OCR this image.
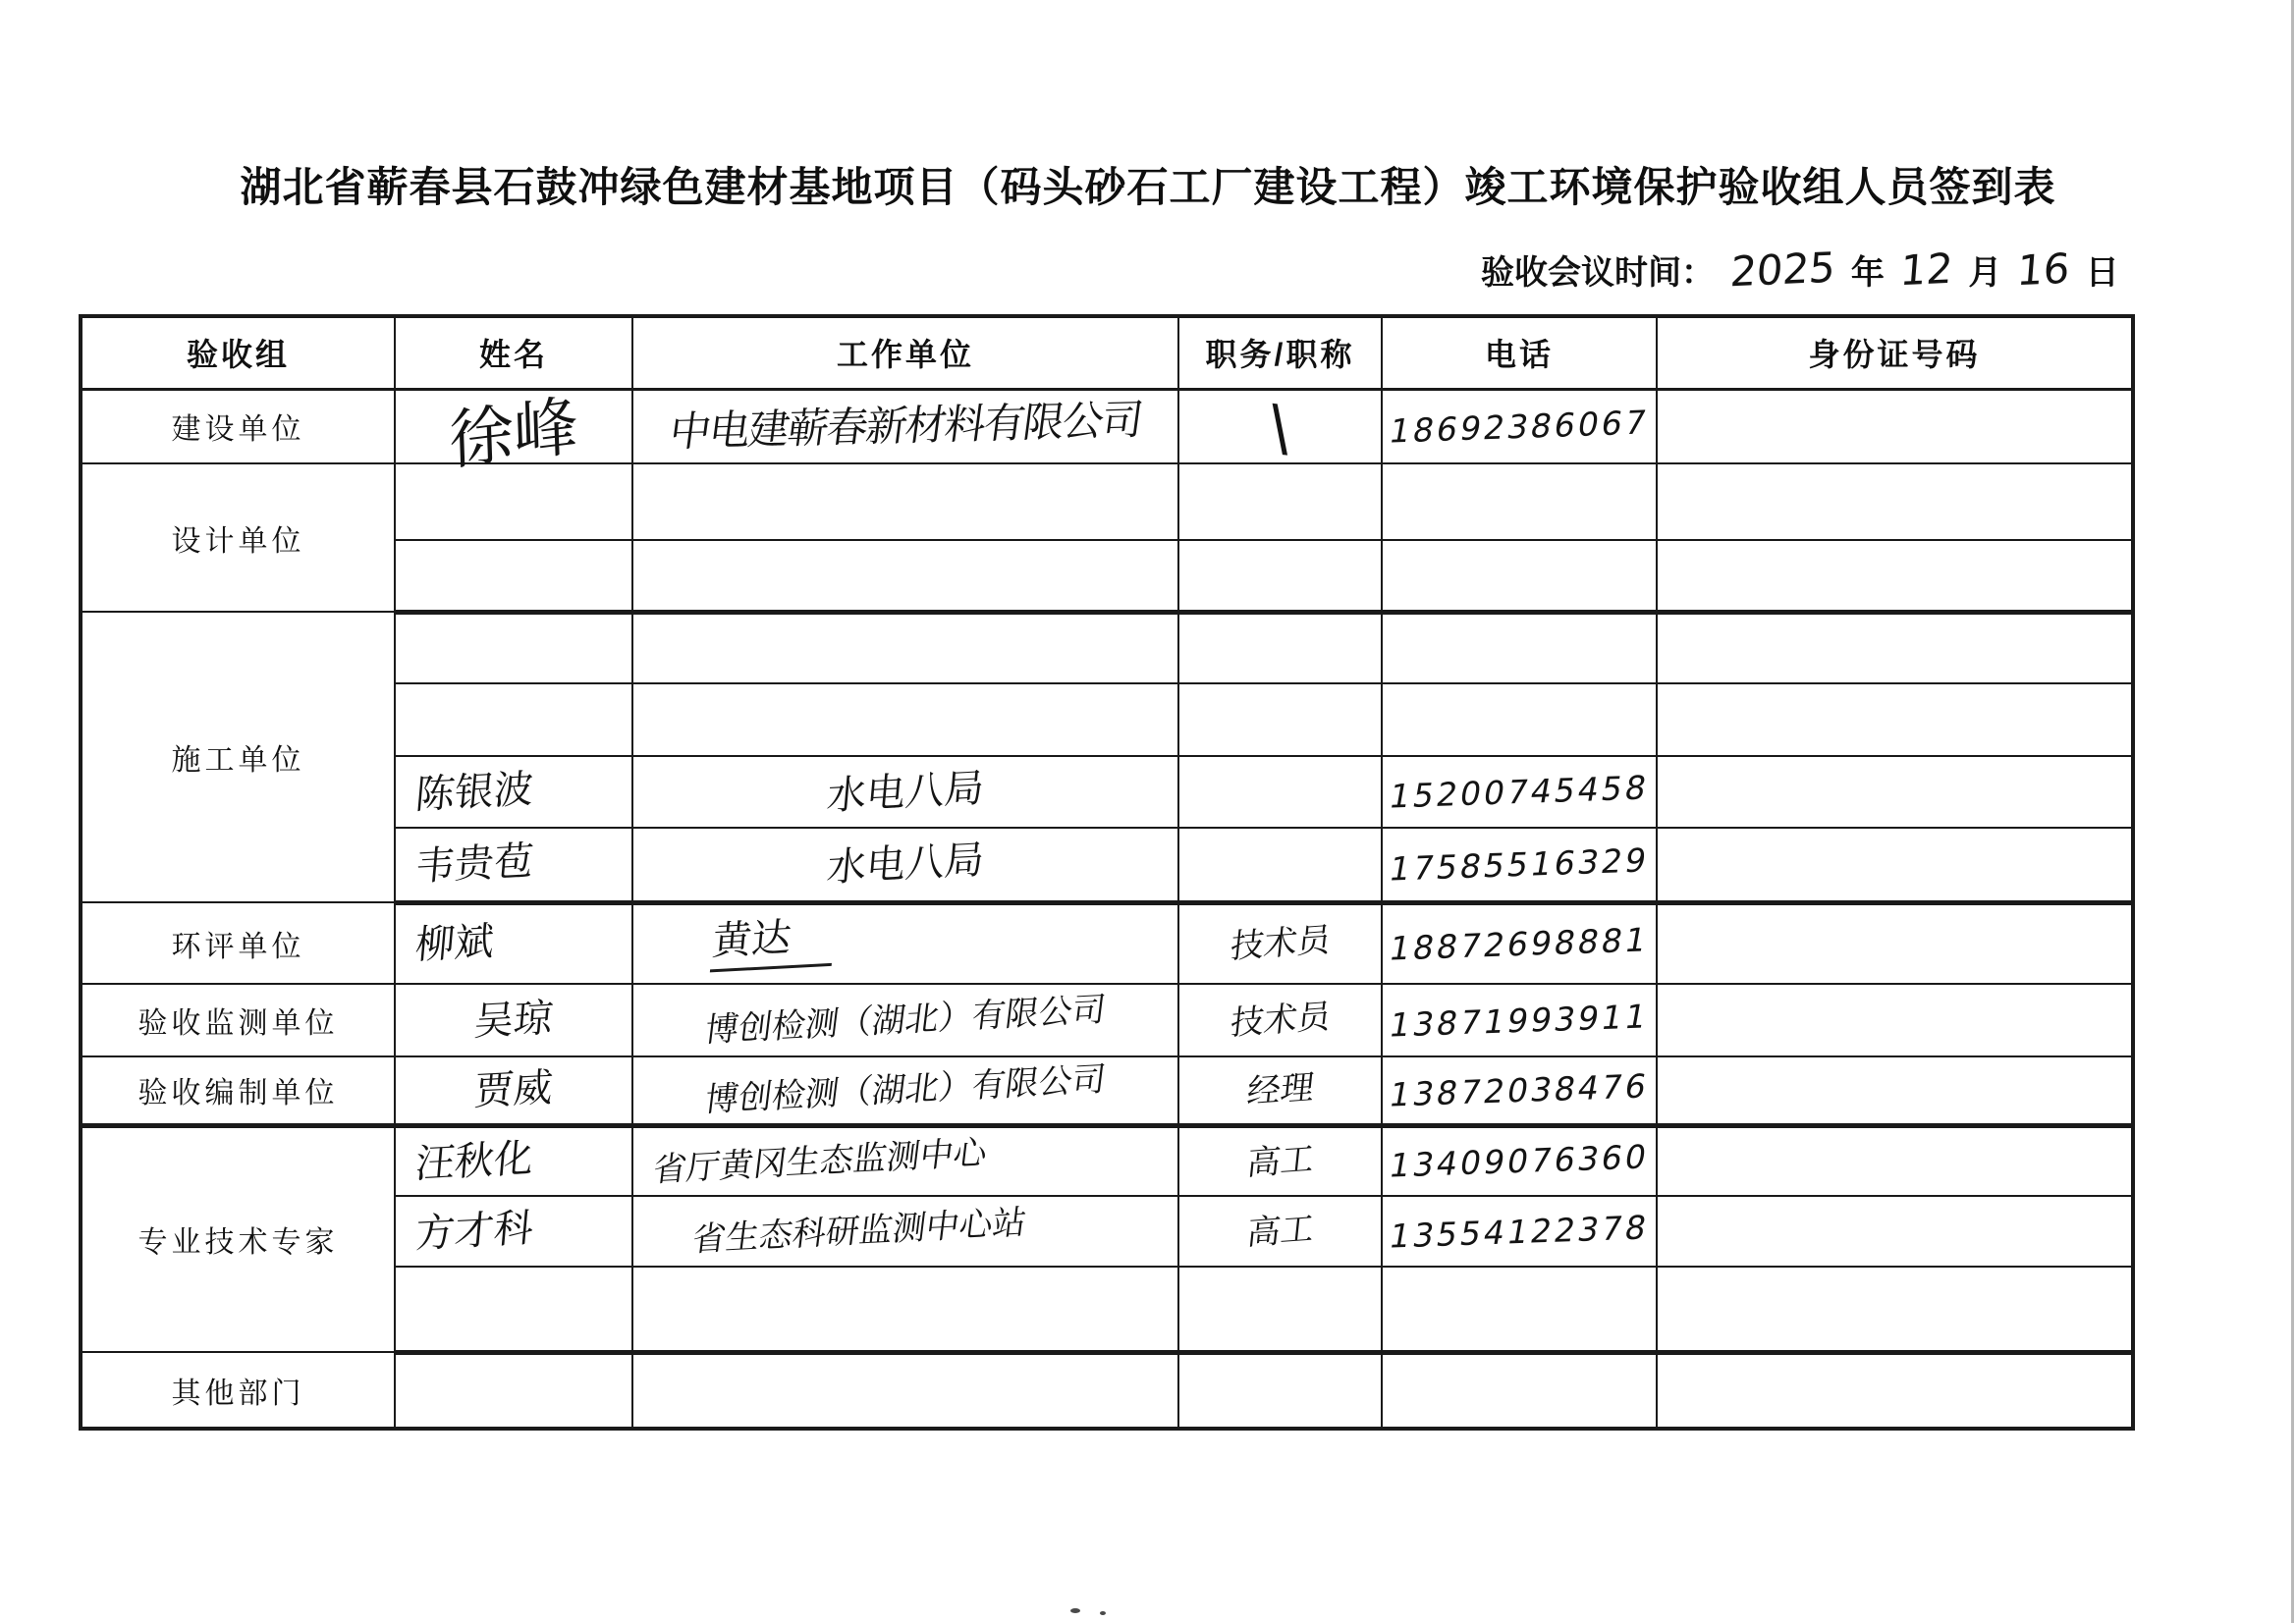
湖北省蕲春县石鼓冲绿色建材基地项目（码头砂石工厂建设工程）竣工环境保护验收组人员签到表
验收会议时间： 2025 年 12 月 16 日
验收组	姓名	工作单位	职务/职称	电话	身份证号码
建设单位	徐峰	中电建蕲春新材料有限公司	\	18692386067	
设计单位					

施工单位					

	陈银波	水电八局		15200745458	
	韦贵苞	水电八局		17585516329	
环评单位	柳斌	黄达	技术员	18872698881	
验收监测单位	吴琼	博创检测（湖北）有限公司	技术员	13871993911	
验收编制单位	贾威	博创检测（湖北）有限公司	经理	13872038476	
专业技术专家	汪秋化	省厅黄冈生态监测中心	高工	13409076360	
	方才科	省生态科研监测中心站	高工	13554122378	

其他部门					
